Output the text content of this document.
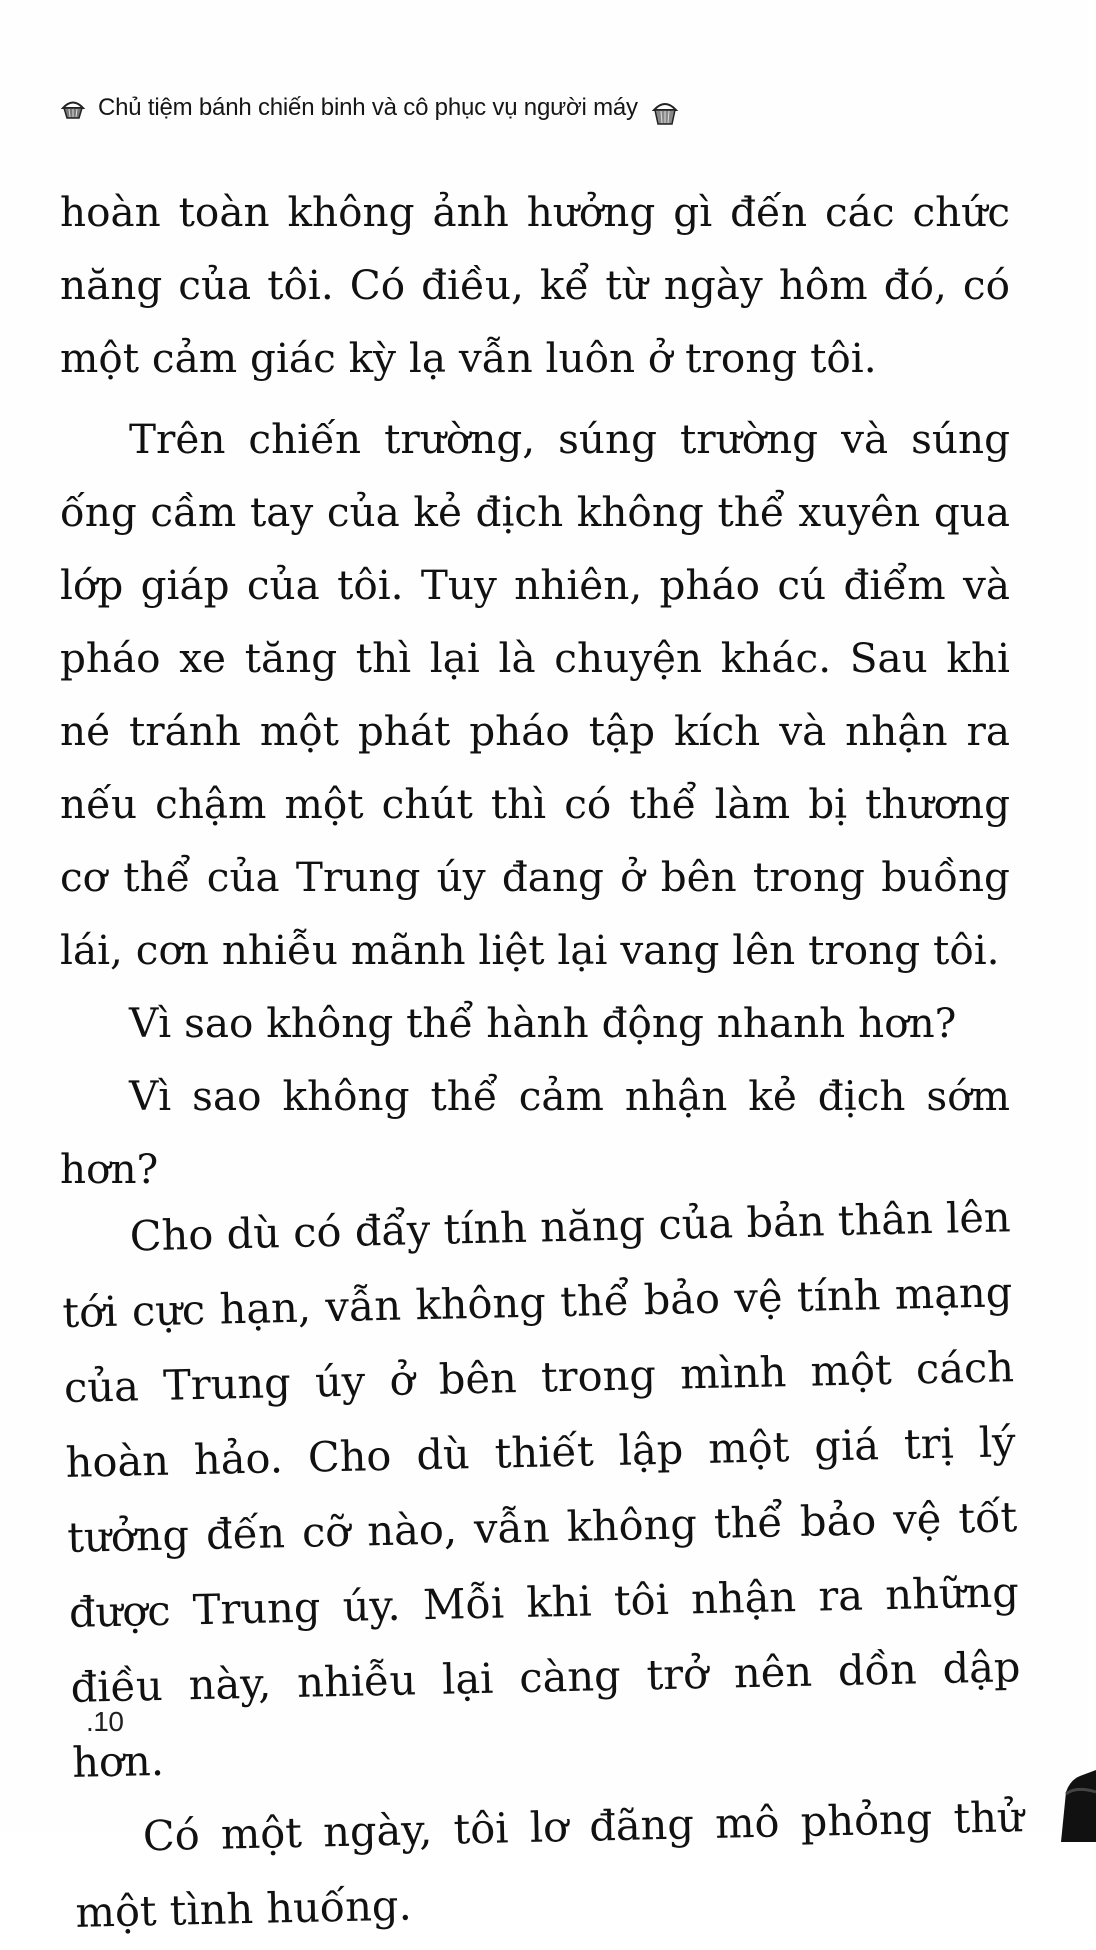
Chủ tiệm bánh chiến binh và cô phục vụ người máy

hoàn toàn không ảnh hưởng gì đến các chức năng của tôi. Có điều, kể từ ngày hôm đó, có một cảm giác kỳ lạ vẫn luôn ở trong tôi.

Trên chiến trường, súng trường và súng ống cầm tay của kẻ địch không thể xuyên qua lớp giáp của tôi. Tuy nhiên, pháo cú điểm và pháo xe tăng thì lại là chuyện khác. Sau khi né tránh một phát pháo tập kích và nhận ra nếu chậm một chút thì có thể làm bị thương cơ thể của Trung úy đang ở bên trong buồng lái, cơn nhiễu mãnh liệt lại vang lên trong tôi.

Vì sao không thể hành động nhanh hơn?

Vì sao không thể cảm nhận kẻ địch sớm hơn?

Cho dù có đẩy tính năng của bản thân lên tới cực hạn, vẫn không thể bảo vệ tính mạng của Trung úy ở bên trong mình một cách hoàn hảo. Cho dù thiết lập một giá trị lý tưởng đến cỡ nào, vẫn không thể bảo vệ tốt được Trung úy. Mỗi khi tôi nhận ra những điều này, nhiễu lại càng trở nên dồn dập hơn.

Có một ngày, tôi lơ đãng mô phỏng thử một tình huống.

.10
